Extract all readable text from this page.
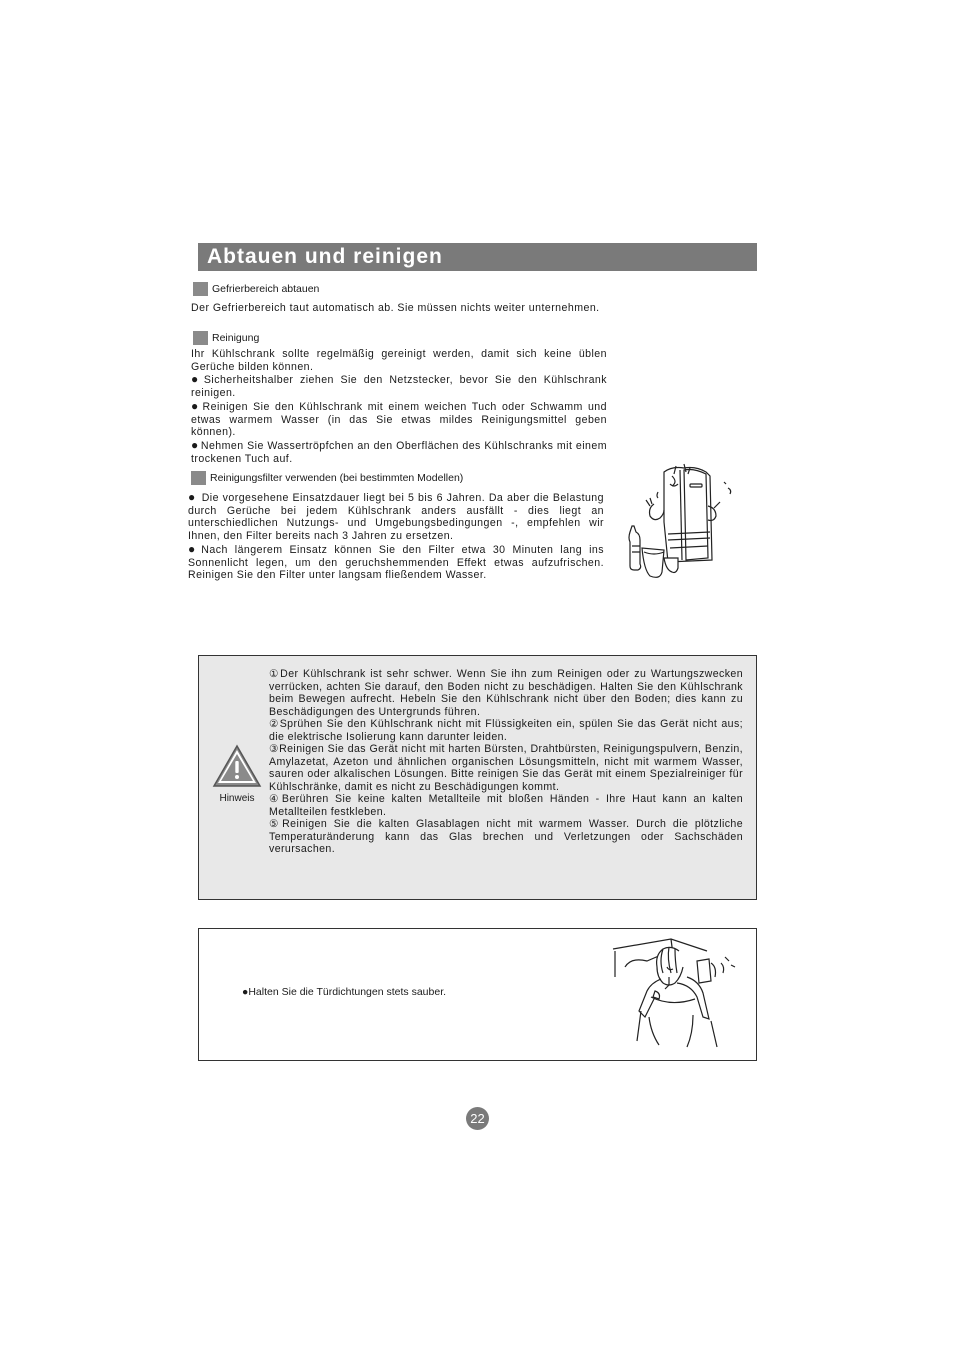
Abtauen und reinigen
Gefrierbereich abtauen

Der Gefrierbereich taut automatisch ab. Sie müssen nichts weiter unternehmen.

Reinigung

Ihr Kühlschrank sollte regelmäßig gereinigt werden, damit sich keine üblen Gerüche bilden können.

● Sicherheitshalber ziehen Sie den Netzstecker, bevor Sie den Kühlschrank reinigen.

● Reinigen Sie den Kühlschrank mit einem weichen Tuch oder Schwamm und etwas warmem Wasser (in das Sie etwas mildes Reinigungsmittel geben können).

● Nehmen Sie Wassertröpfchen an den Oberflächen des Kühlschranks mit einem trockenen Tuch auf.

Reinigungsfilter verwenden (bei bestimmten Modellen)

● Die vorgesehene Einsatzdauer liegt bei 5 bis 6 Jahren. Da aber die Belastung durch Gerüche bei jedem Kühlschrank anders ausfällt - dies liegt an unterschiedlichen Nutzungs- und Umgebungsbedingungen -, empfehlen wir Ihnen, den Filter bereits nach 3 Jahren zu ersetzen.

● Nach längerem Einsatz können Sie den Filter etwa 30 Minuten lang ins Sonnenlicht legen, um den geruchshemmenden Effekt etwas aufzufrischen. Reinigen Sie den Filter unter langsam fließendem Wasser.

Hinweis

①Der Kühlschrank ist sehr schwer. Wenn Sie ihn zum Reinigen oder zu Wartungszwecken verrücken, achten Sie darauf, den Boden nicht zu beschädigen. Halten Sie den Kühlschrank beim Bewegen aufrecht. Hebeln Sie den Kühlschrank nicht über den Boden; dies kann zu Beschädigungen des Untergrunds führen.

②Sprühen Sie den Kühlschrank nicht mit Flüssigkeiten ein, spülen Sie das Gerät nicht aus; die elektrische Isolierung kann darunter leiden.

③Reinigen Sie das Gerät nicht mit harten Bürsten, Drahtbürsten, Reinigungspulvern, Benzin, Amylazetat, Azeton und ähnlichen organischen Lösungsmitteln, nicht mit warmem Wasser, sauren oder alkalischen Lösungen. Bitte reinigen Sie das Gerät mit einem Spezialreiniger für Kühlschränke, damit es nicht zu Beschädigungen kommt.

④Berühren Sie keine kalten Metallteile mit bloßen Händen - Ihre Haut kann an kalten Metallteilen festkleben.

⑤Reinigen Sie die kalten Glasablagen nicht mit warmem Wasser. Durch die plötzliche Temperaturänderung kann das Glas brechen und Verletzungen oder Sachschäden verursachen.

●Halten Sie die Türdichtungen stets sauber.
22
